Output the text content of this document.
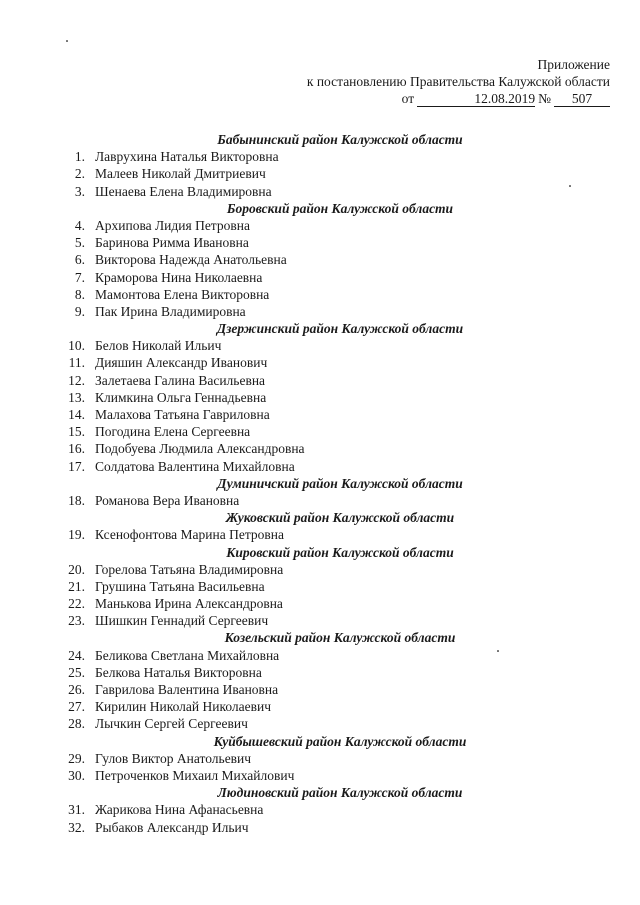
Приложение
к постановлению Правительства Калужской области
от	12.08.2019 №	507
Бабынинский район Калужской области
1. Лаврухина Наталья Викторовна
2. Малеев Николай Дмитриевич
3. Шенаева Елена Владимировна
Боровский район Калужской области
4. Архипова Лидия Петровна
5. Баринова Римма Ивановна
6. Викторова Надежда Анатольевна
7. Краморова Нина Николаевна
8. Мамонтова Елена Викторовна
9. Пак Ирина Владимировна
Дзержинский район Калужской области
10. Белов Николай Ильич
11. Дияшин Александр Иванович
12. Залетаева Галина Васильевна
13. Климкина Ольга Геннадьевна
14. Малахова Татьяна Гавриловна
15. Погодина Елена Сергеевна
16. Подобуева Людмила Александровна
17. Солдатова Валентина Михайловна
Думиничский район Калужской области
18. Романова Вера Ивановна
Жуковский район Калужской области
19. Ксенофонтова Марина Петровна
Кировский район Калужской области
20. Горелова Татьяна Владимировна
21. Грушина Татьяна Васильевна
22. Манькова Ирина Александровна
23. Шишкин Геннадий Сергеевич
Козельский район Калужской области
24. Беликова Светлана Михайловна
25. Белкова Наталья Викторовна
26. Гаврилова Валентина Ивановна
27. Кирилин Николай Николаевич
28. Лычкин Сергей Сергеевич
Куйбышевский район Калужской области
29. Гулов Виктор Анатольевич
30. Петроченков Михаил Михайлович
Людиновский район Калужской области
31. Жарикова Нина Афанасьевна
32. Рыбаков Александр Ильич
